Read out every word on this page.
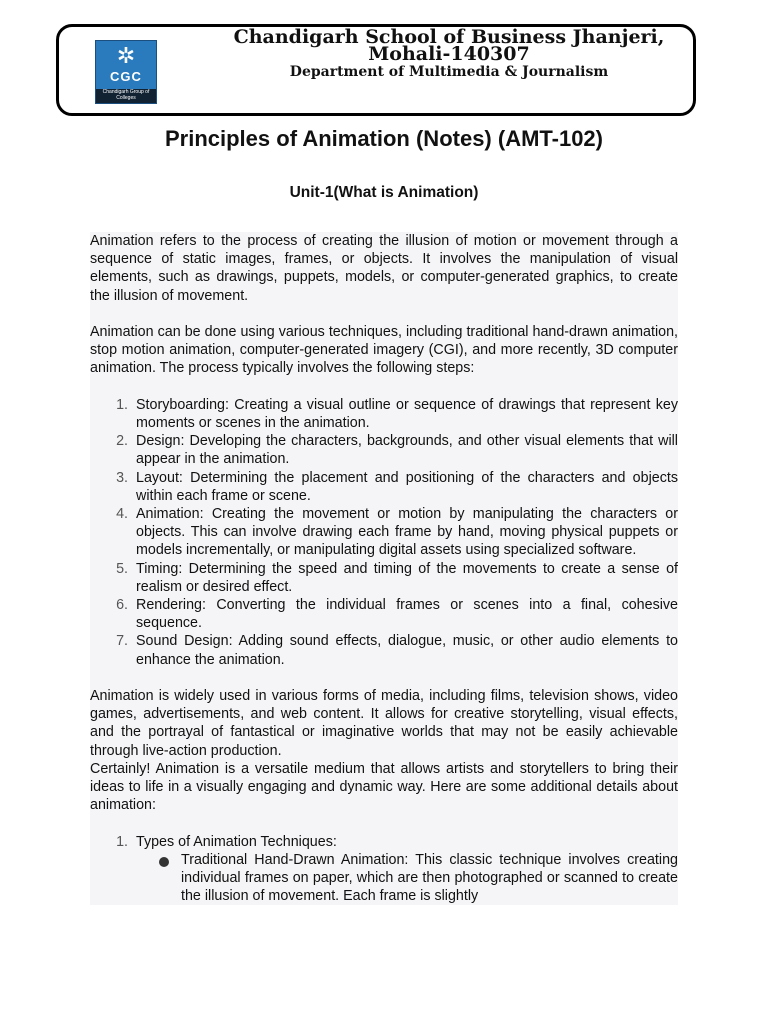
✲
CGC
Chandigarh Group of Colleges
Chandigarh School of Business Jhanjeri, Mohali-140307
Department of Multimedia & Journalism
Principles of Animation (Notes) (AMT-102)
Unit-1(What is Animation)

Animation refers to the process of creating the illusion of motion or movement through a sequence of static images, frames, or objects. It involves the manipulation of visual elements, such as drawings, puppets, models, or computer-generated graphics, to create the illusion of movement.

Animation can be done using various techniques, including traditional hand-drawn animation, stop motion animation, computer-generated imagery (CGI), and more recently, 3D computer animation. The process typically involves the following steps:

1. Storyboarding: Creating a visual outline or sequence of drawings that represent key moments or scenes in the animation.
2. Design: Developing the characters, backgrounds, and other visual elements that will appear in the animation.
3. Layout: Determining the placement and positioning of the characters and objects within each frame or scene.
4. Animation: Creating the movement or motion by manipulating the characters or objects. This can involve drawing each frame by hand, moving physical puppets or models incrementally, or manipulating digital assets using specialized software.
5. Timing: Determining the speed and timing of the movements to create a sense of realism or desired effect.
6. Rendering: Converting the individual frames or scenes into a final, cohesive sequence.
7. Sound Design: Adding sound effects, dialogue, music, or other audio elements to enhance the animation.

Animation is widely used in various forms of media, including films, television shows, video games, advertisements, and web content. It allows for creative storytelling, visual effects, and the portrayal of fantastical or imaginative worlds that may not be easily achievable through live-action production.

Certainly! Animation is a versatile medium that allows artists and storytellers to bring their ideas to life in a visually engaging and dynamic way. Here are some additional details about animation:

1. Types of Animation Techniques:
Traditional Hand-Drawn Animation: This classic technique involves creating individual frames on paper, which are then photographed or scanned to create the illusion of movement. Each frame is slightly
